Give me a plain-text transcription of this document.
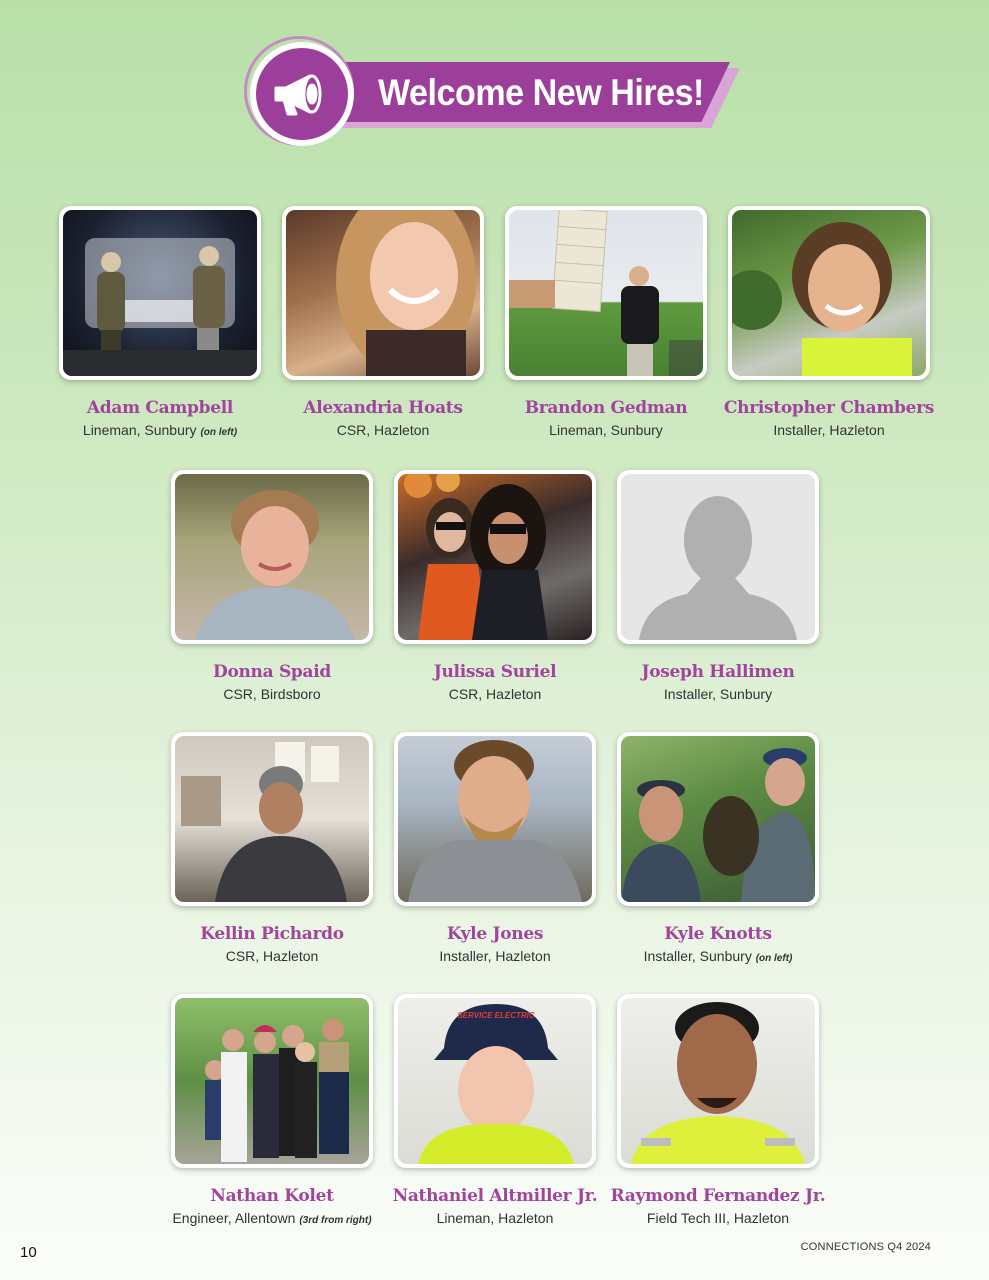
Welcome New Hires!
Adam Campbell
Lineman, Sunbury (on left)
Alexandria Hoats
CSR, Hazleton
Brandon Gedman
Lineman, Sunbury
Christopher Chambers
Installer, Hazleton
Donna Spaid
CSR, Birdsboro
Julissa Suriel
CSR, Hazleton
Joseph Hallimen
Installer, Sunbury
Kellin Pichardo
CSR, Hazleton
Kyle Jones
Installer, Hazleton
Kyle Knotts
Installer, Sunbury (on left)
Nathan Kolet
Engineer, Allentown (3rd from right)
SERVICE ELECTRIC
Nathaniel Altmiller Jr.
Lineman, Hazleton
Raymond Fernandez Jr.
Field Tech III, Hazleton
10	CONNECTIONS Q4 2024
